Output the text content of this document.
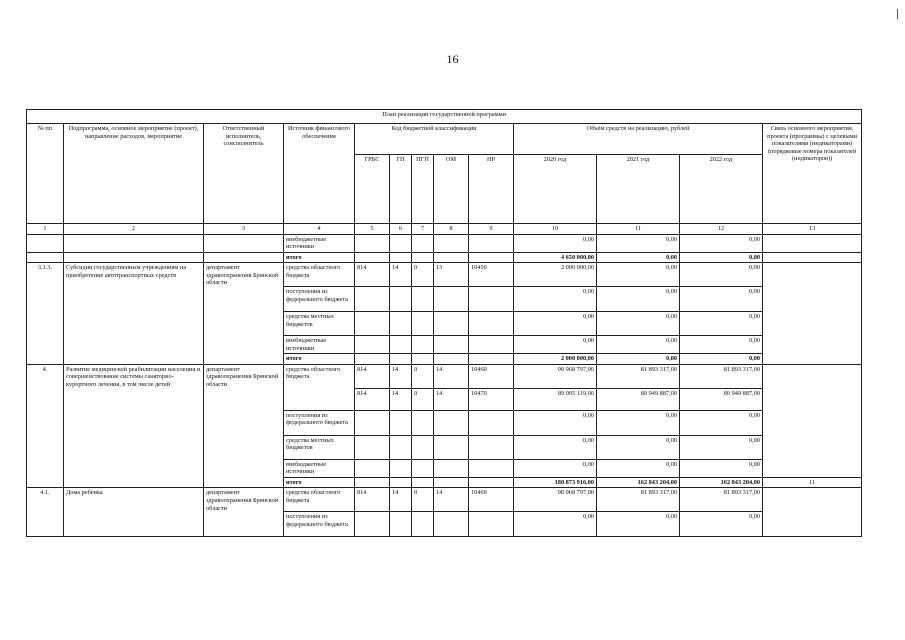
16
План реализации государственной программи												
№ пп	Подпрограмма, основное мероприятие (проект), направление расходов, мероприятие	Ответственный исполнитель, соисполнитель	Источник финансового обеспечения	Код бюджетной классификации					Объём средств на реализацию, рублей			Связь основного мероприятия, проекта (программы) с целевыми показателями (индикаторами) (порядковые номера показателей (индикаторов))
				ГРБС	ГП	ПГП	ОМ	НР	2020 год	2021 год	2022 год	
1	2	3	4	5	6	7	8	9	10	11	12	13
			внебюджетные источники						0,00	0,00	0,00	
			итого						4 650 000,00	0,00	0,00	
3.1.3.	Субсидии государственным учреждениям на приобретение автотранспортных средств	департамент здравоохранения Брянской области	средства областного бюджета	814	14	0	13	10450	2 000 000,00	0,00	0,00	
			поступления из федерального бюджета						0,00	0,00	0,00	
			средства местных бюджетов						0,00	0,00	0,00	
			внебюджетные источники						0,00	0,00	0,00	
			итого						2 000 000,00	0,00	0,00	
4.	Развитие медицинской реабилитации населения и совершенствование системы санаторно-курортного лечения, в том числе детей	департамент здравоохранения Брянской области	средства областного бюджета	814	14	0	14	10460	90 968 797,00	81 893 317,00	81 893 317,00	
				814	14	0	14	10470	89 905 119,00	80 949 887,00	80 949 887,00	
			поступления из федерального бюджета						0,00	0,00	0,00	
			средства местных бюджетов						0,00	0,00	0,00	
			внебюджетные источники						0,00	0,00	0,00	
			итого						180 873 916,00	162 843 204,00	162 843 204,00	11
4.1.	Дома ребенка	департамент здравоохранения Брянской области	средства областного бюджета	814	14	0	14	10460	90 968 797,00	81 893 317,00	81 893 317,00	
			поступления из федерального бюджета						0,00	0,00	0,00	
